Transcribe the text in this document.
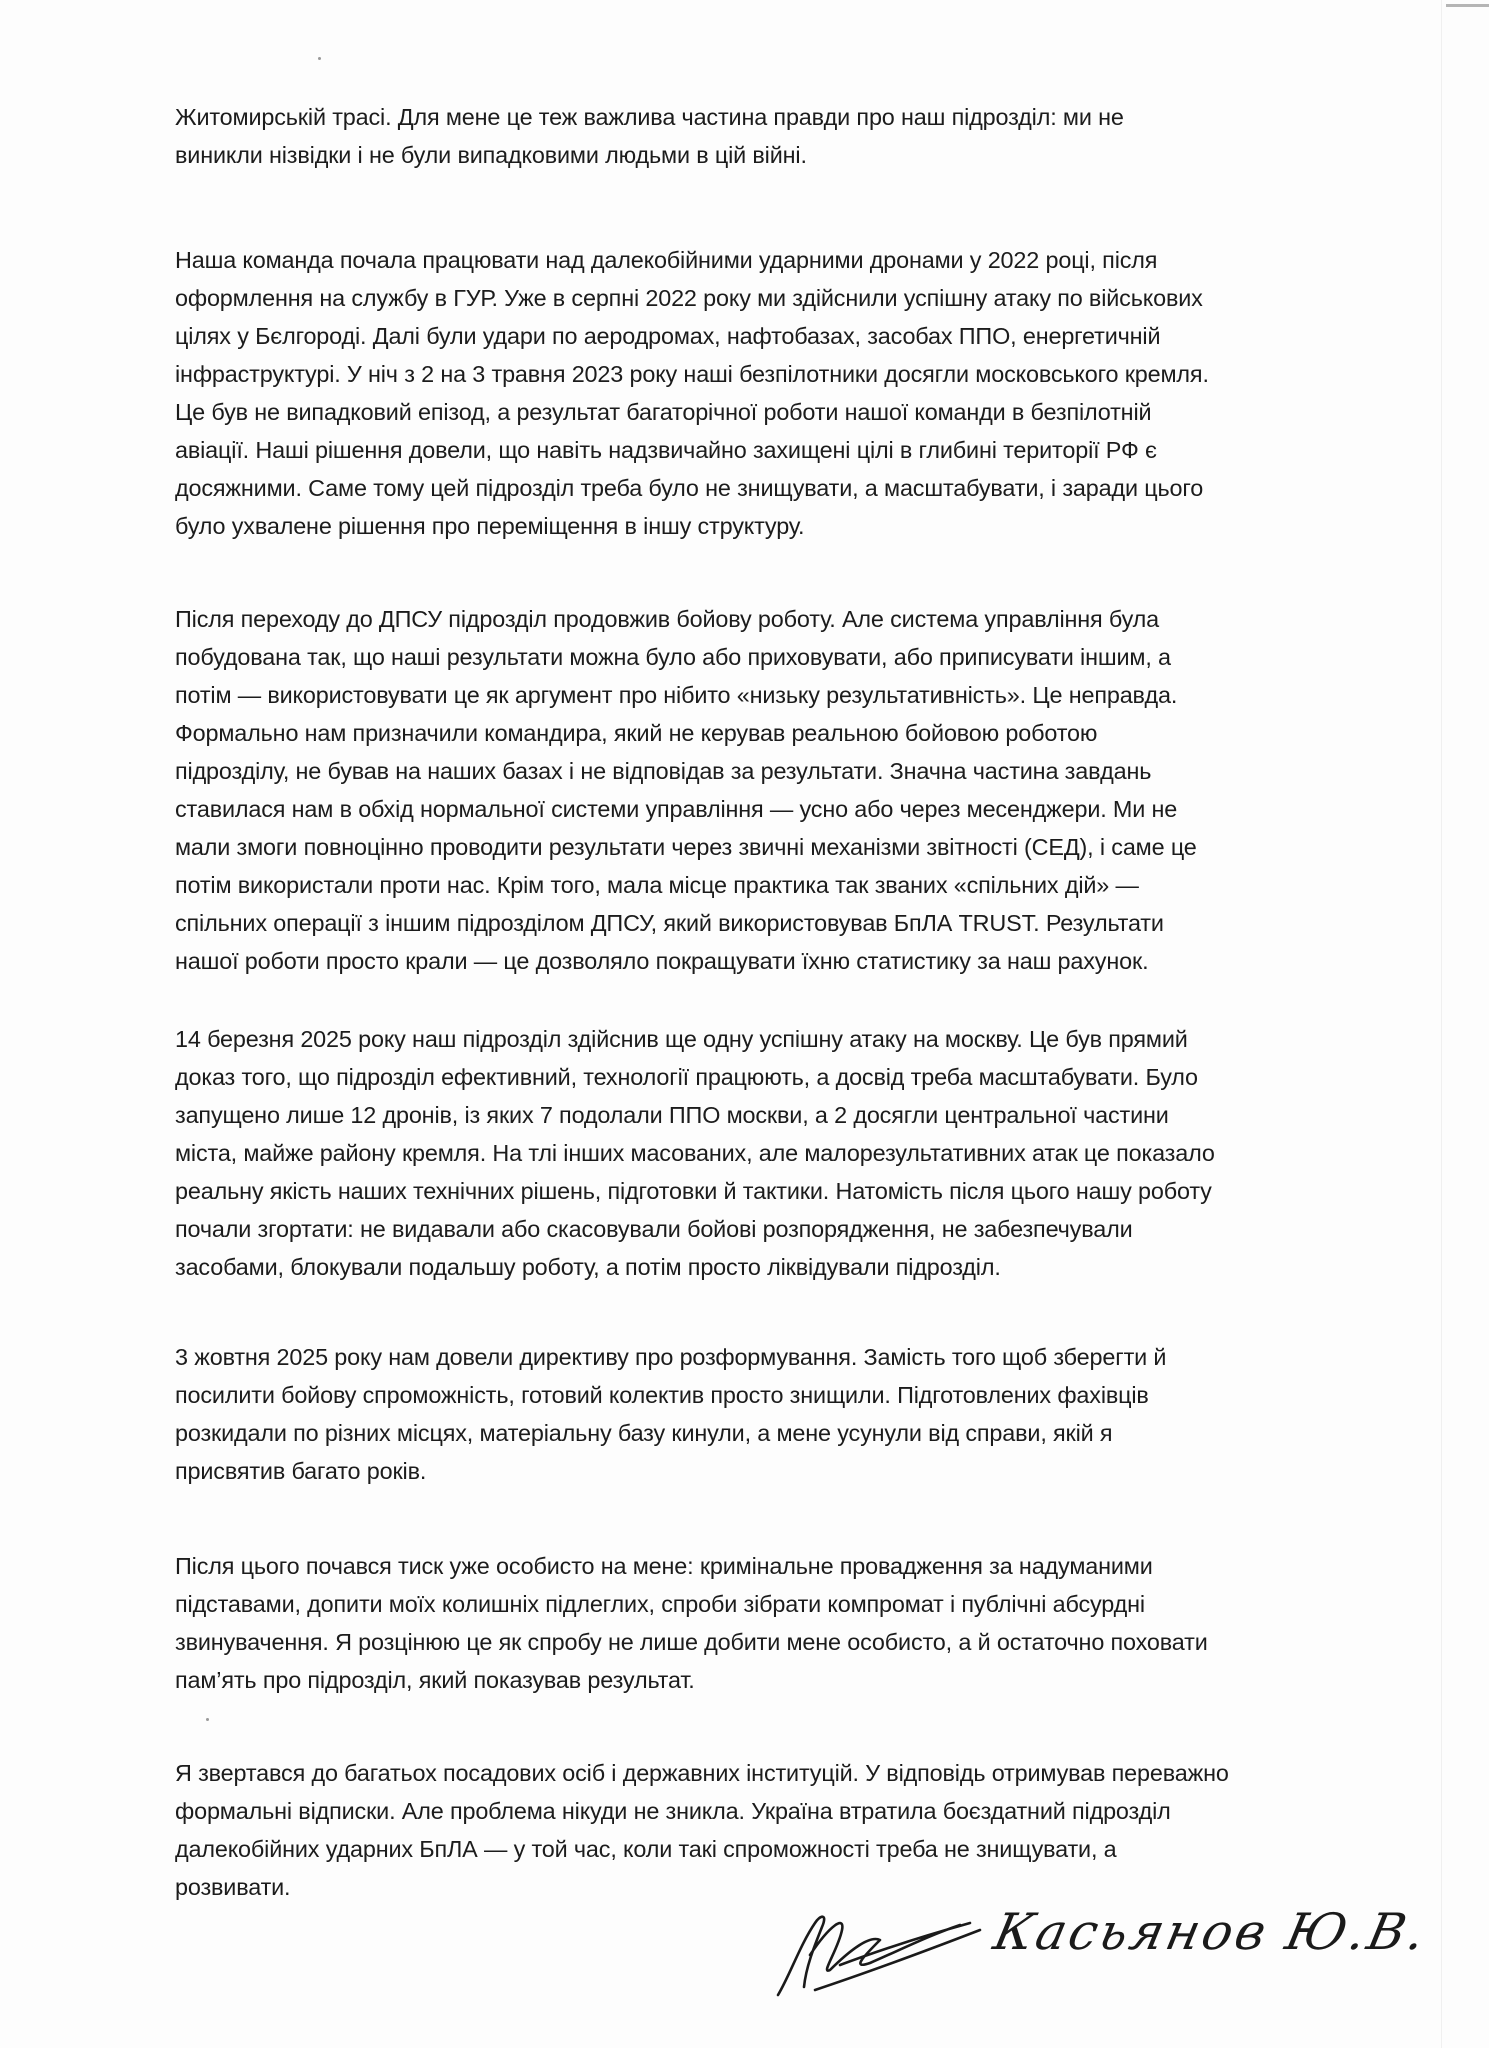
Житомирській трасі. Для мене це теж важлива частина правди про наш підрозділ: ми не
виникли нізвідки і не були випадковими людьми в цій війні.

Наша команда почала працювати над далекобійними ударними дронами у 2022 році, після
оформлення на службу в ГУР. Уже в серпні 2022 року ми здійснили успішну атаку по військових
цілях у Бєлгороді. Далі були удари по аеродромах, нафтобазах, засобах ППО, енергетичній
інфраструктурі. У ніч з 2 на 3 травня 2023 року наші безпілотники досягли московського кремля.
Це був не випадковий епізод, а результат багаторічної роботи нашої команди в безпілотній
авіації. Наші рішення довели, що навіть надзвичайно захищені цілі в глибині території РФ є
досяжними. Саме тому цей підрозділ треба було не знищувати, а масштабувати, і заради цього
було ухвалене рішення про переміщення в іншу структуру.

Після переходу до ДПСУ підрозділ продовжив бойову роботу. Але система управління була
побудована так, що наші результати можна було або приховувати, або приписувати іншим, а
потім — використовувати це як аргумент про нібито «низьку результативність». Це неправда.
Формально нам призначили командира, який не керував реальною бойовою роботою
підрозділу, не бував на наших базах і не відповідав за результати. Значна частина завдань
ставилася нам в обхід нормальної системи управління — усно або через месенджери. Ми не
мали змоги повноцінно проводити результати через звичні механізми звітності (СЕД), і саме це
потім використали проти нас. Крім того, мала місце практика так званих «спільних дій» —
спільних операції з іншим підрозділом ДПСУ, який використовував БпЛА TRUST. Результати
нашої роботи просто крали — це дозволяло покращувати їхню статистику за наш рахунок.

14 березня 2025 року наш підрозділ здійснив ще одну успішну атаку на москву. Це був прямий
доказ того, що підрозділ ефективний, технології працюють, а досвід треба масштабувати. Було
запущено лише 12 дронів, із яких 7 подолали ППО москви, а 2 досягли центральної частини
міста, майже району кремля. На тлі інших масованих, але малорезультативних атак це показало
реальну якість наших технічних рішень, підготовки й тактики. Натомість після цього нашу роботу
почали згортати: не видавали або скасовували бойові розпорядження, не забезпечували
засобами, блокували подальшу роботу, а потім просто ліквідували підрозділ.

3 жовтня 2025 року нам довели директиву про розформування. Замість того щоб зберегти й
посилити бойову спроможність, готовий колектив просто знищили. Підготовлених фахівців
розкидали по різних місцях, матеріальну базу кинули, а мене усунули від справи, якій я
присвятив багато років.

Після цього почався тиск уже особисто на мене: кримінальне провадження за надуманими
підставами, допити моїх колишніх підлеглих, спроби зібрати компромат і публічні абсурдні
звинувачення. Я розцінюю це як спробу не лише добити мене особисто, а й остаточно поховати
пам’ять про підрозділ, який показував результат.

Я звертався до багатьох посадових осіб і державних інституцій. У відповідь отримував переважно
формальні відписки. Але проблема нікуди не зникла. Україна втратила боєздатний підрозділ
далекобійних ударних БпЛА — у той час, коли такі спроможності треба не знищувати, а
розвивати.

Касьянов Ю.В.
